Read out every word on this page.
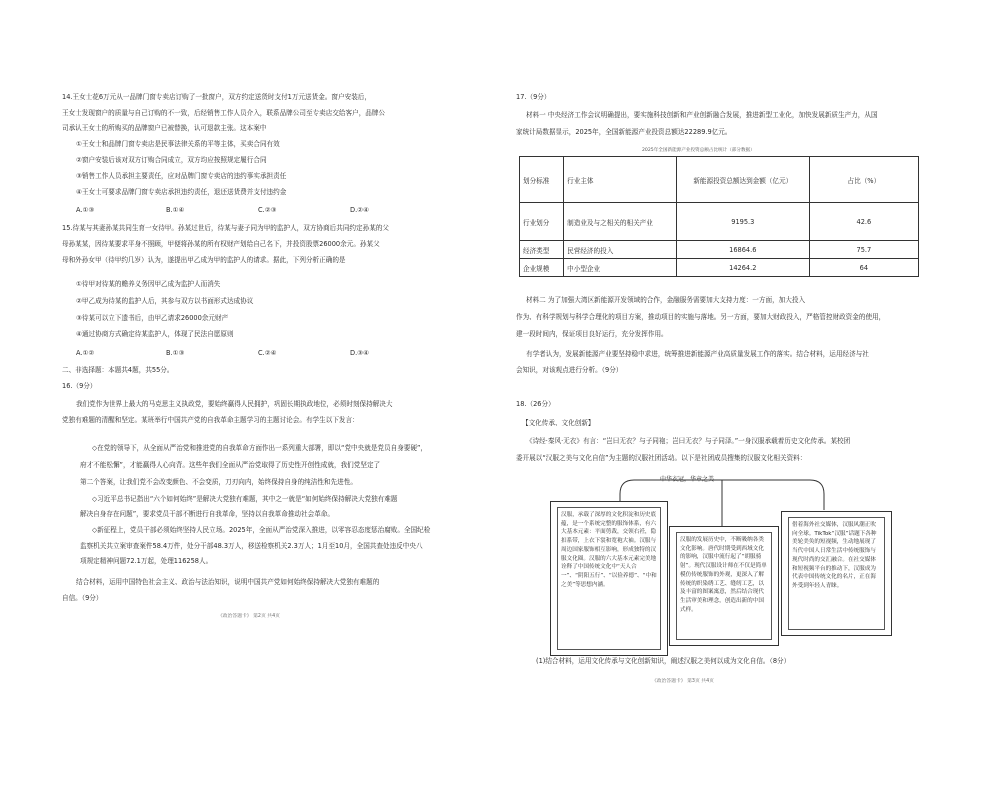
14.王女士花6万元从一品牌门窗专卖店订购了一批窗户，双方约定送货时支付1万元送货金。窗户安装后，
王女士发现窗户的质量与自己订购的不一致，后经销售工作人员介入，联系品牌公司至专卖店交给客户，品牌公
司承认王女士的所购买的品牌窗户已被替换，认可退款主张。这本案中
①王女士和品牌门窗专卖店是民事法律关系的平等主体，买卖合同有效
②窗户安装后该对双方订购合同成立，双方均应按照规定履行合同
③销售工作人员承担主要责任，应对品牌门窗专卖店的违约事实承担责任
④王女士可要求品牌门窗专卖店承担违约责任，退还送货费并支付违约金
A.①③	B.①④	C.②③	D.②④
15.待某与其妻孙某共同生育一女待甲。孙某过世后，待某与妻子同为甲的监护人，双方协商后共同约定孙某的父
母孙某某，因待某要求平身不照顾，甲便将孙某的所有权财产划给自己名下，并投资股票26000余元。孙某父
母和外孙女甲（待甲约几岁）认为，遂提出甲乙成为甲的监护人的请求。据此，下列分析正确的是
①待甲对待某的赡养义务因甲乙成为监护人而消失
②甲乙成为待某的监护人后，其参与双方以书面形式达成协议
③待某可以立下遗书后，由甲乙请求26000余元财产
④通过协商方式确定待某监护人，体现了民法自愿原则
A.①②	B.①③	C.②④	D.③④
二、非选择题：本题共4题，共55分。
16.（9分）
我们党作为世界上最大的马克思主义执政党，要始终赢得人民拥护，巩固长期执政地位，必须时刻保持解决大
党独有难题的清醒和坚定。某班举行中国共产党的自我革命主题学习的主题讨论会。有学生以下发言：
◇在党的领导下，从全面从严治党和推进党的自我革命方面作出一系列重大部署，即以“党中央就是党员自身要硬”，
府才不能松懈”，才能赢得人心向背。这些年我们全面从严治党取得了历史性开创性成就，我们党坚定了
第二个答案，让我们党不会改变颜色、不会变质，刀刃向内，始终保持自身的纯洁性和先进性。
◇习近平总书记指出“六个如何始终”是解决大党独有难题，其中之一就是“如何始终保持解决大党独有难题
解决自身存在问题”，要求党员干部不断进行自我革命，坚持以自我革命推动社会革命。
◇新征程上，党员干部必须始终坚持人民立场。2025年，全面从严治党深入推进，以零容忍态度惩治腐败。全国纪检
监察机关共立案审查案件58.4万件，处分干部48.3万人，移送检察机关2.3万人；1月至10月，全国共查处违反中央八
项规定精神问题72.1万起，处理116258人。
结合材料，运用中国特色社会主义、政治与法治知识，说明中国共产党如何始终保持解决大党独有难题的
自信。（9分）
《政治答题卡》 第2页 共4页
17.（9分）
材料一 中央经济工作会议明确提出，要实施科技创新和产业创新融合发展，推进新型工业化，加快发展新质生产力，从国
家统计局数据显示，2025年，全国新能源产业投资总额达22289.9亿元。
2025年全国新能源产业投资总额占比统计（部分数据）
划分标准	行业主体	新能源投资总额达到金额（亿元）	占比（%）
行业划分	制造业及与之相关的相关产业	9195.3	42.6
经济类型	民营经济的投入	16864.6	75.7
企业规模	中小型企业	14264.2	64
材料二 为了加强大湾区新能源开发领域的合作，金融服务需要加大支持力度：一方面，加大投入
作为、有科学规划与科学合理化的项目方案，推动项目的实施与落地。另一方面，要加大财政投入，严格管控财政资金的使用，
建一段时间内，保证项目良好运行，充分发挥作用。
有学者认为，发展新能源产业要坚持稳中求进，统筹推进新能源产业高质量发展工作的落实。结合材料，运用经济与社
会知识，对该观点进行分析。（9分）
18.（26分）
【文化传承、文化创新】
《诗经·秦风·无衣》有言：“岂曰无衣？与子同袍；岂曰无衣？与子同泽。”一身汉服承载着历史文化传承。某校团
委开展以“汉服之美与文化自信”为主题的汉服社团活动。以下是社团成员搜集的汉服文化相关资料：
中华衣冠，华章之美
汉服，承载了深厚的文化积淀和历史底蕴，是一个系统完整的服饰体系，有六大基本元素：平面剪裁，交领右衽，隐扣系带，上衣下裳和宽袍大袖。汉服与周边国家服饰相互影响，形成独特的汉服文化圈。汉服的六大基本元素完美地诠释了中国传统文化中“天人合一”、“阴阳五行”、“以俭养德”、“中和之美”等思想内涵。
汉服的发展历史中，不断吸纳各类文化影响。唐代时期受到西域文化的影响，汉服中流行起了“胡服骑射”。现代汉服设计师在不仅是简单模仿传统服饰的外观，更深入了解传统的织染绣工艺、缝纫工艺，以及丰富的图案寓意，然后结合现代生活审美和理念，创造出新的中国式样。
借着海外社交媒体，汉服风潮正吹向全球。TikTok“汉服”话题下各种美轮美奂的短视频，生动地展现了当代中国人日常生活中传统服饰与现代时尚的交汇融合。在社交媒体和短视频平台的推动下，汉服成为代表中国传统文化的名片，正在海外受到年轻人青睐。
(1)结合材料，运用文化传承与文化创新知识，阐述汉服之美何以成为文化自信。（8分）
《政治答题卡》 第3页 共4页
